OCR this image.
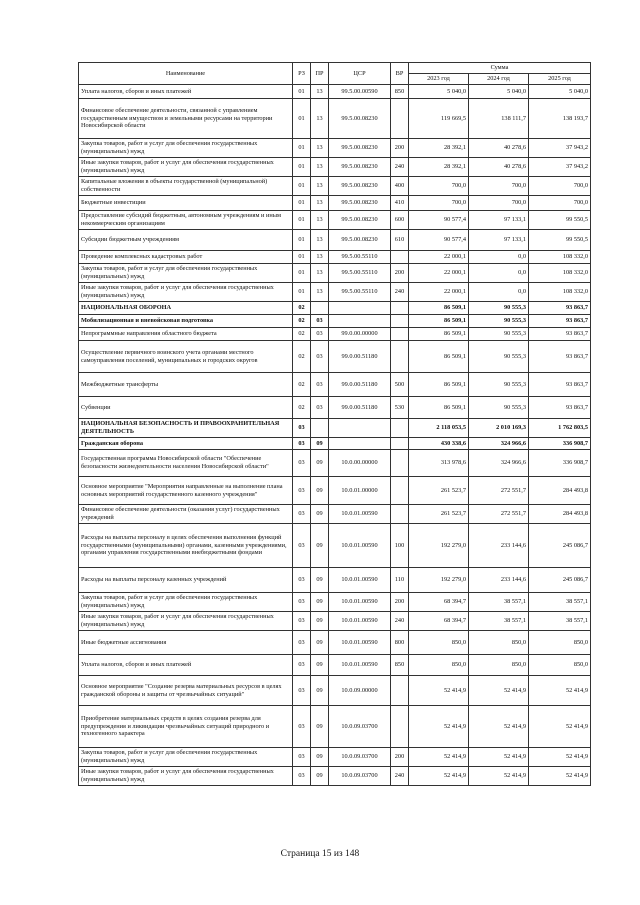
Наименование	РЗ	ПР	ЦСР	ВР	Сумма		
					2023 год	2024 год	2025 год
Уплата налогов, сборов и иных платежей	01	13	99.5.00.00590	850	5 040,0	5 040,0	5 040,0
Финансовое обеспечение деятельности, связанной с управлением государственным имуществом и земельными ресурсами на территории Новосибирской области	01	13	99.5.00.08230		119 669,5	138 111,7	138 193,7
Закупка товаров, работ и услуг для обеспечения государственных (муниципальных) нужд	01	13	99.5.00.08230	200	28 392,1	40 278,6	37 943,2
Иные закупки товаров, работ и услуг для обеспечения государственных (муниципальных) нужд	01	13	99.5.00.08230	240	28 392,1	40 278,6	37 943,2
Капитальные вложения в объекты государственной (муниципальной) собственности	01	13	99.5.00.08230	400	700,0	700,0	700,0
Бюджетные инвестиции	01	13	99.5.00.08230	410	700,0	700,0	700,0
Предоставление субсидий бюджетным, автономным учреждениям и иным некоммерческим организациям	01	13	99.5.00.08230	600	90 577,4	97 133,1	99 550,5
Субсидии бюджетным учреждениям	01	13	99.5.00.08230	610	90 577,4	97 133,1	99 550,5
Проведение комплексных кадастровых работ	01	13	99.5.00.55110		22 000,1	0,0	108 332,0
Закупка товаров, работ и услуг для обеспечения государственных (муниципальных) нужд	01	13	99.5.00.55110	200	22 000,1	0,0	108 332,0
Иные закупки товаров, работ и услуг для обеспечения государственных (муниципальных) нужд	01	13	99.5.00.55110	240	22 000,1	0,0	108 332,0
НАЦИОНАЛЬНАЯ ОБОРОНА	02				86 509,1	90 555,3	93 863,7
Мобилизационная и вневойсковая подготовка	02	03			86 509,1	90 555,3	93 863,7
Непрограммные направления областного бюджета	02	03	99.0.00.00000		86 509,1	90 555,3	93 863,7
Осуществление первичного воинского учета органами местного самоуправления поселений, муниципальных и городских округов	02	03	99.0.00.51180		86 509,1	90 555,3	93 863,7
Межбюджетные трансферты	02	03	99.0.00.51180	500	86 509,1	90 555,3	93 863,7
Субвенции	02	03	99.0.00.51180	530	86 509,1	90 555,3	93 863,7
НАЦИОНАЛЬНАЯ БЕЗОПАСНОСТЬ И ПРАВООХРАНИТЕЛЬНАЯ ДЕЯТЕЛЬНОСТЬ	03				2 118 053,5	2 010 169,3	1 762 803,5
Гражданская оборона	03	09			430 338,6	324 966,6	336 908,7
Государственная программа Новосибирской области "Обеспечение безопасности жизнедеятельности населения Новосибирской области"	03	09	10.0.00.00000		313 978,6	324 966,6	336 908,7
Основное мероприятие "Мероприятия направленные на выполнение плана основных мероприятий государственного казенного учреждения"	03	09	10.0.01.00000		261 523,7	272 551,7	284 493,8
Финансовое обеспечение деятельности (оказания услуг) государственных учреждений	03	09	10.0.01.00590		261 523,7	272 551,7	284 493,8
Расходы на выплаты персоналу в целях обеспечения выполнения функций государственными (муниципальными) органами, казенными учреждениями, органами управления государственными внебюджетными фондами	03	09	10.0.01.00590	100	192 279,0	233 144,6	245 086,7
Расходы на выплаты персоналу казенных учреждений	03	09	10.0.01.00590	110	192 279,0	233 144,6	245 086,7
Закупка товаров, работ и услуг для обеспечения государственных (муниципальных) нужд	03	09	10.0.01.00590	200	68 394,7	38 557,1	38 557,1
Иные закупки товаров, работ и услуг для обеспечения государственных (муниципальных) нужд	03	09	10.0.01.00590	240	68 394,7	38 557,1	38 557,1
Иные бюджетные ассигнования	03	09	10.0.01.00590	800	850,0	850,0	850,0
Уплата налогов, сборов и иных платежей	03	09	10.0.01.00590	850	850,0	850,0	850,0
Основное мероприятие "Создание резерва материальных ресурсов в целях гражданской обороны и защиты от чрезвычайных ситуаций"	03	09	10.0.09.00000		52 414,9	52 414,9	52 414,9
Приобретение материальных средств в целях создания резерва для предупреждения и ликвидации чрезвычайных ситуаций природного и техногенного характера	03	09	10.0.09.03700		52 414,9	52 414,9	52 414,9
Закупка товаров, работ и услуг для обеспечения государственных (муниципальных) нужд	03	09	10.0.09.03700	200	52 414,9	52 414,9	52 414,9
Иные закупки товаров, работ и услуг для обеспечения государственных (муниципальных) нужд	03	09	10.0.09.03700	240	52 414,9	52 414,9	52 414,9
Страница 15 из 148
